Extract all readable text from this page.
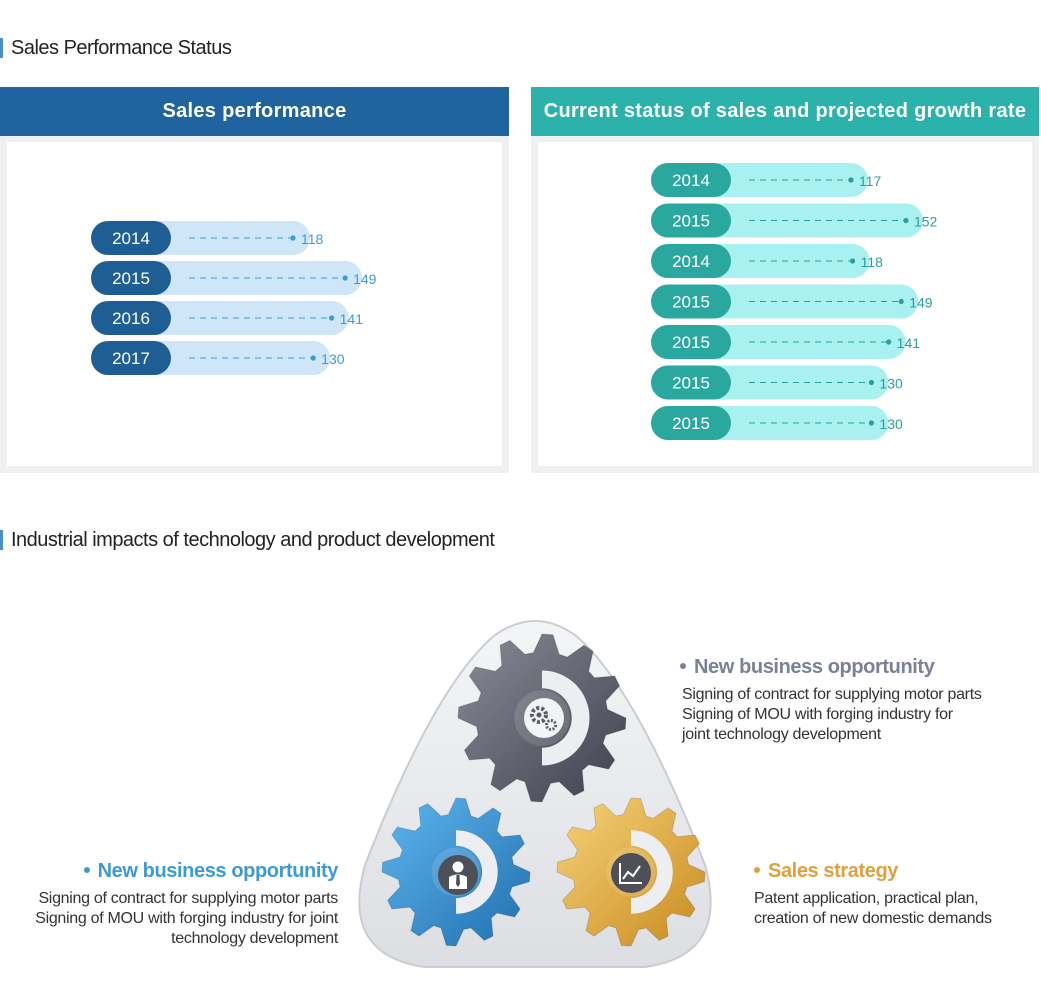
Sales Performance Status
Sales performance
2014	118
2015	149
2016	141
2017	130
Current status of sales and projected growth rate
2014	117
2015	152
2014	118
2015	149
2015	141
2015	130
2015	130
Industrial impacts of technology and product development
New business opportunity

Signing of contract for supplying motor parts
Signing of MOU with forging industry for
joint technology development

New business opportunity

Signing of contract for supplying motor parts
Signing of MOU with forging industry for joint
technology development

Sales strategy

Patent application, practical plan,
creation of new domestic demands
